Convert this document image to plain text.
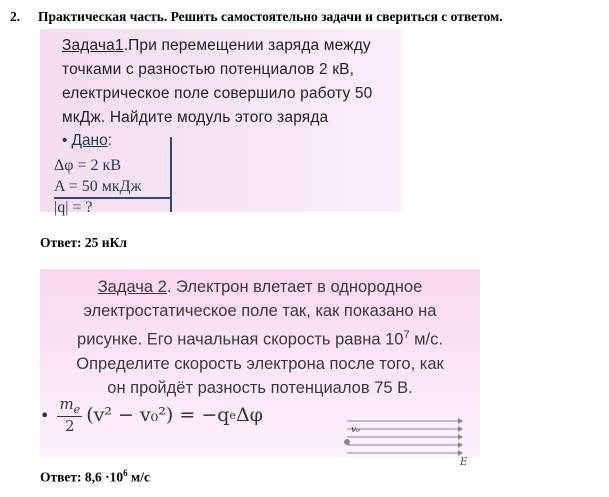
2. Практическая часть. Решить самостоятельно задачи и свериться с ответом.
Задача1.При перемещении заряда между
точками с разностью потенциалов 2 кВ,
електрическое поле совершило работу 50
мкДж. Найдите модуль этого заряда
• Дано:
Δφ = 2 кВ
A = 50 мкДж
|q| = ?
Ответ: 25 нКл
Задача 2. Электрон влетает в однородное
электростатическое поле так, как показано на
рисунке. Его начальная скорость равна $10^7$ м/с.
Определите скорость электрона после того, как
он пройдёт разность потенциалов 75 В.
• $\frac{m_e}{2} (v^2 - v_0^2) = -q$ e Δφ
v₀
E
Ответ: $8,6 \cdot 10^6$ м/с
